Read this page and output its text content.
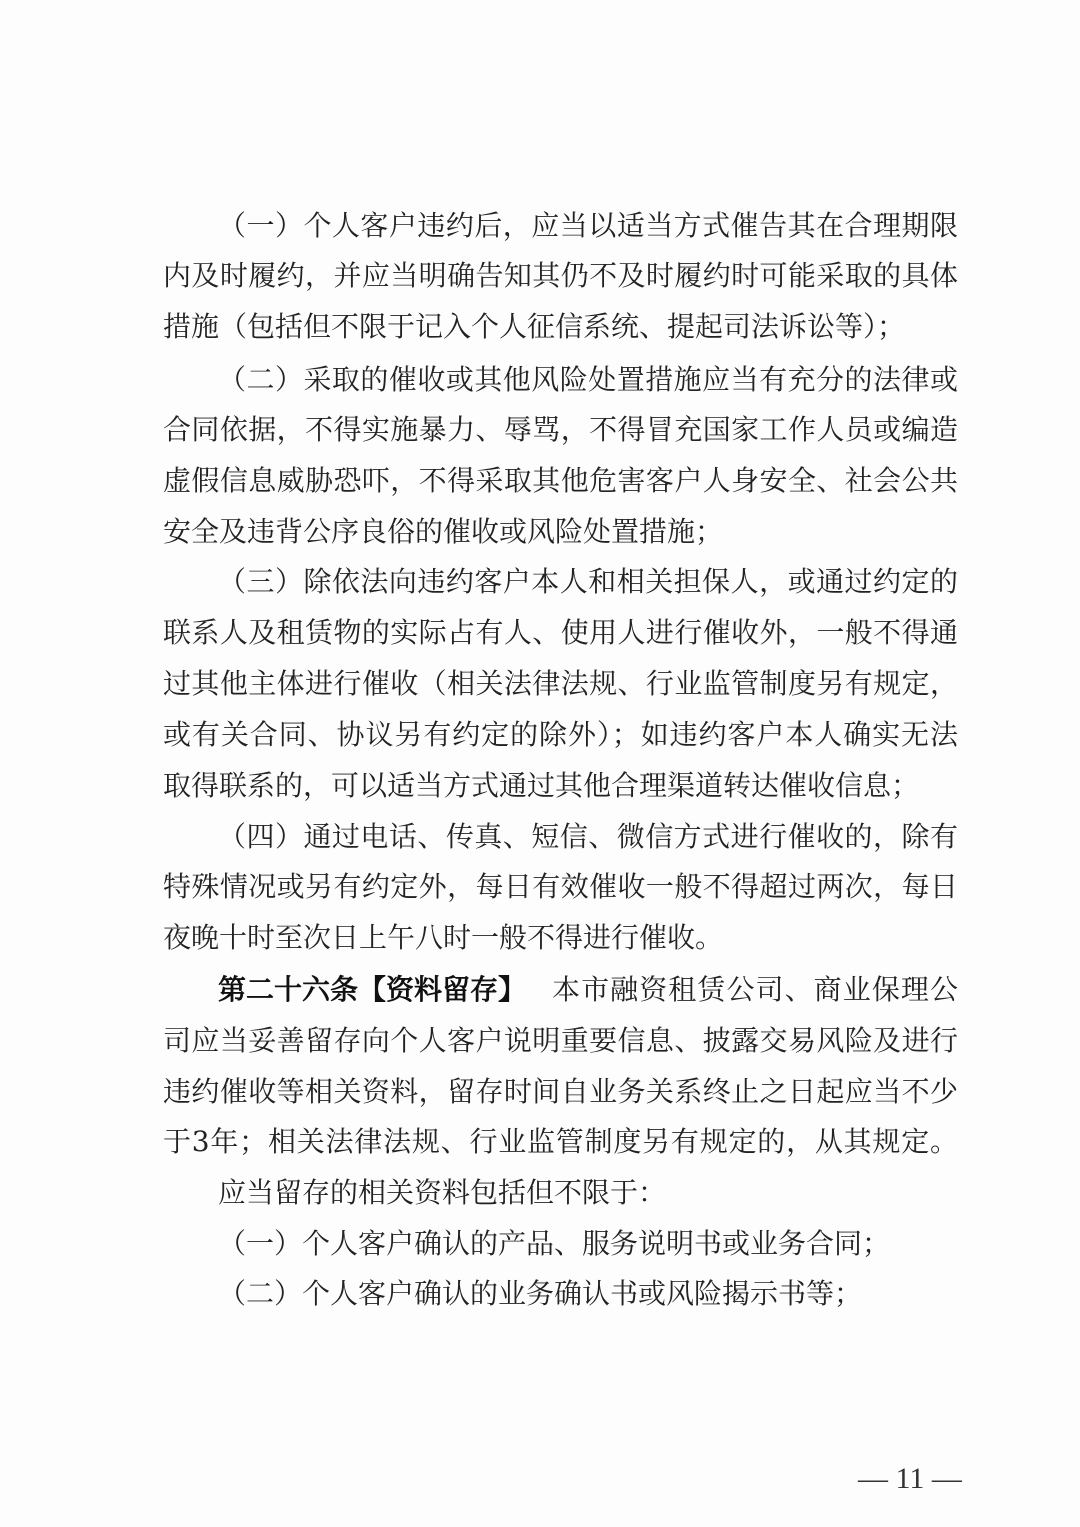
（一）个人客户违约后，应当以适当方式催告其在合理期限
内及时履约，并应当明确告知其仍不及时履约时可能采取的具体
措施（包括但不限于记入个人征信系统、提起司法诉讼等）；
（二）采取的催收或其他风险处置措施应当有充分的法律或
合同依据，不得实施暴力、辱骂，不得冒充国家工作人员或编造
虚假信息威胁恐吓，不得采取其他危害客户人身安全、社会公共
安全及违背公序良俗的催收或风险处置措施；
（三）除依法向违约客户本人和相关担保人，或通过约定的
联系人及租赁物的实际占有人、使用人进行催收外，一般不得通
过其他主体进行催收（相关法律法规、行业监管制度另有规定，
或有关合同、协议另有约定的除外）；如违约客户本人确实无法
取得联系的，可以适当方式通过其他合理渠道转达催收信息；
（四）通过电话、传真、短信、微信方式进行催收的，除有
特殊情况或另有约定外，每日有效催收一般不得超过两次，每日
夜晚十时至次日上午八时一般不得进行催收。
第二十六条【资料留存】 本市融资租赁公司、商业保理公
司应当妥善留存向个人客户说明重要信息、披露交易风险及进行
违约催收等相关资料，留存时间自业务关系终止之日起应当不少
于3年；相关法律法规、行业监管制度另有规定的，从其规定。
应当留存的相关资料包括但不限于：
（一）个人客户确认的产品、服务说明书或业务合同；
（二）个人客户确认的业务确认书或风险揭示书等；
— 11 —
